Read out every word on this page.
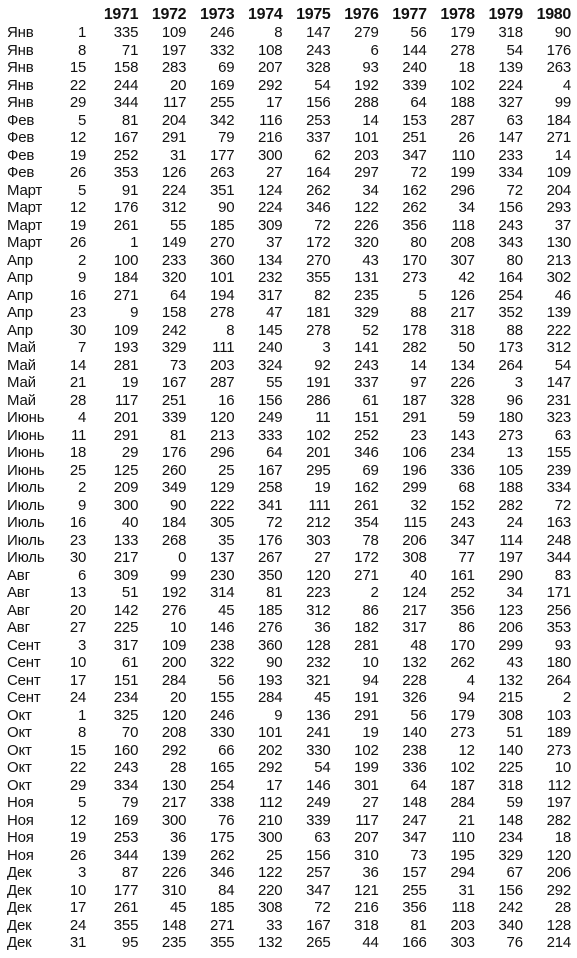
		1971	1972	1973	1974	1975	1976	1977	1978	1979	1980
Янв	1	335	109	246	8	147	279	56	179	318	90
Янв	8	71	197	332	108	243	6	144	278	54	176
Янв	15	158	283	69	207	328	93	240	18	139	263
Янв	22	244	20	169	292	54	192	339	102	224	4
Янв	29	344	117	255	17	156	288	64	188	327	99
Фев	5	81	204	342	116	253	14	153	287	63	184
Фев	12	167	291	79	216	337	101	251	26	147	271
Фев	19	252	31	177	300	62	203	347	110	233	14
Фев	26	353	126	263	27	164	297	72	199	334	109
Март	5	91	224	351	124	262	34	162	296	72	204
Март	12	176	312	90	224	346	122	262	34	156	293
Март	19	261	55	185	309	72	226	356	118	243	37
Март	26	1	149	270	37	172	320	80	208	343	130
Апр	2	100	233	360	134	270	43	170	307	80	213
Апр	9	184	320	101	232	355	131	273	42	164	302
Апр	16	271	64	194	317	82	235	5	126	254	46
Апр	23	9	158	278	47	181	329	88	217	352	139
Апр	30	109	242	8	145	278	52	178	318	88	222
Май	7	193	329	111	240	3	141	282	50	173	312
Май	14	281	73	203	324	92	243	14	134	264	54
Май	21	19	167	287	55	191	337	97	226	3	147
Май	28	117	251	16	156	286	61	187	328	96	231
Июнь	4	201	339	120	249	11	151	291	59	180	323
Июнь	11	291	81	213	333	102	252	23	143	273	63
Июнь	18	29	176	296	64	201	346	106	234	13	155
Июнь	25	125	260	25	167	295	69	196	336	105	239
Июль	2	209	349	129	258	19	162	299	68	188	334
Июль	9	300	90	222	341	111	261	32	152	282	72
Июль	16	40	184	305	72	212	354	115	243	24	163
Июль	23	133	268	35	176	303	78	206	347	114	248
Июль	30	217	0	137	267	27	172	308	77	197	344
Авг	6	309	99	230	350	120	271	40	161	290	83
Авг	13	51	192	314	81	223	2	124	252	34	171
Авг	20	142	276	45	185	312	86	217	356	123	256
Авг	27	225	10	146	276	36	182	317	86	206	353
Сент	3	317	109	238	360	128	281	48	170	299	93
Сент	10	61	200	322	90	232	10	132	262	43	180
Сент	17	151	284	56	193	321	94	228	4	132	264
Сент	24	234	20	155	284	45	191	326	94	215	2
Окт	1	325	120	246	9	136	291	56	179	308	103
Окт	8	70	208	330	101	241	19	140	273	51	189
Окт	15	160	292	66	202	330	102	238	12	140	273
Окт	22	243	28	165	292	54	199	336	102	225	10
Окт	29	334	130	254	17	146	301	64	187	318	112
Ноя	5	79	217	338	112	249	27	148	284	59	197
Ноя	12	169	300	76	210	339	117	247	21	148	282
Ноя	19	253	36	175	300	63	207	347	110	234	18
Ноя	26	344	139	262	25	156	310	73	195	329	120
Дек	3	87	226	346	122	257	36	157	294	67	206
Дек	10	177	310	84	220	347	121	255	31	156	292
Дек	17	261	45	185	308	72	216	356	118	242	28
Дек	24	355	148	271	33	167	318	81	203	340	128
Дек	31	95	235	355	132	265	44	166	303	76	214
